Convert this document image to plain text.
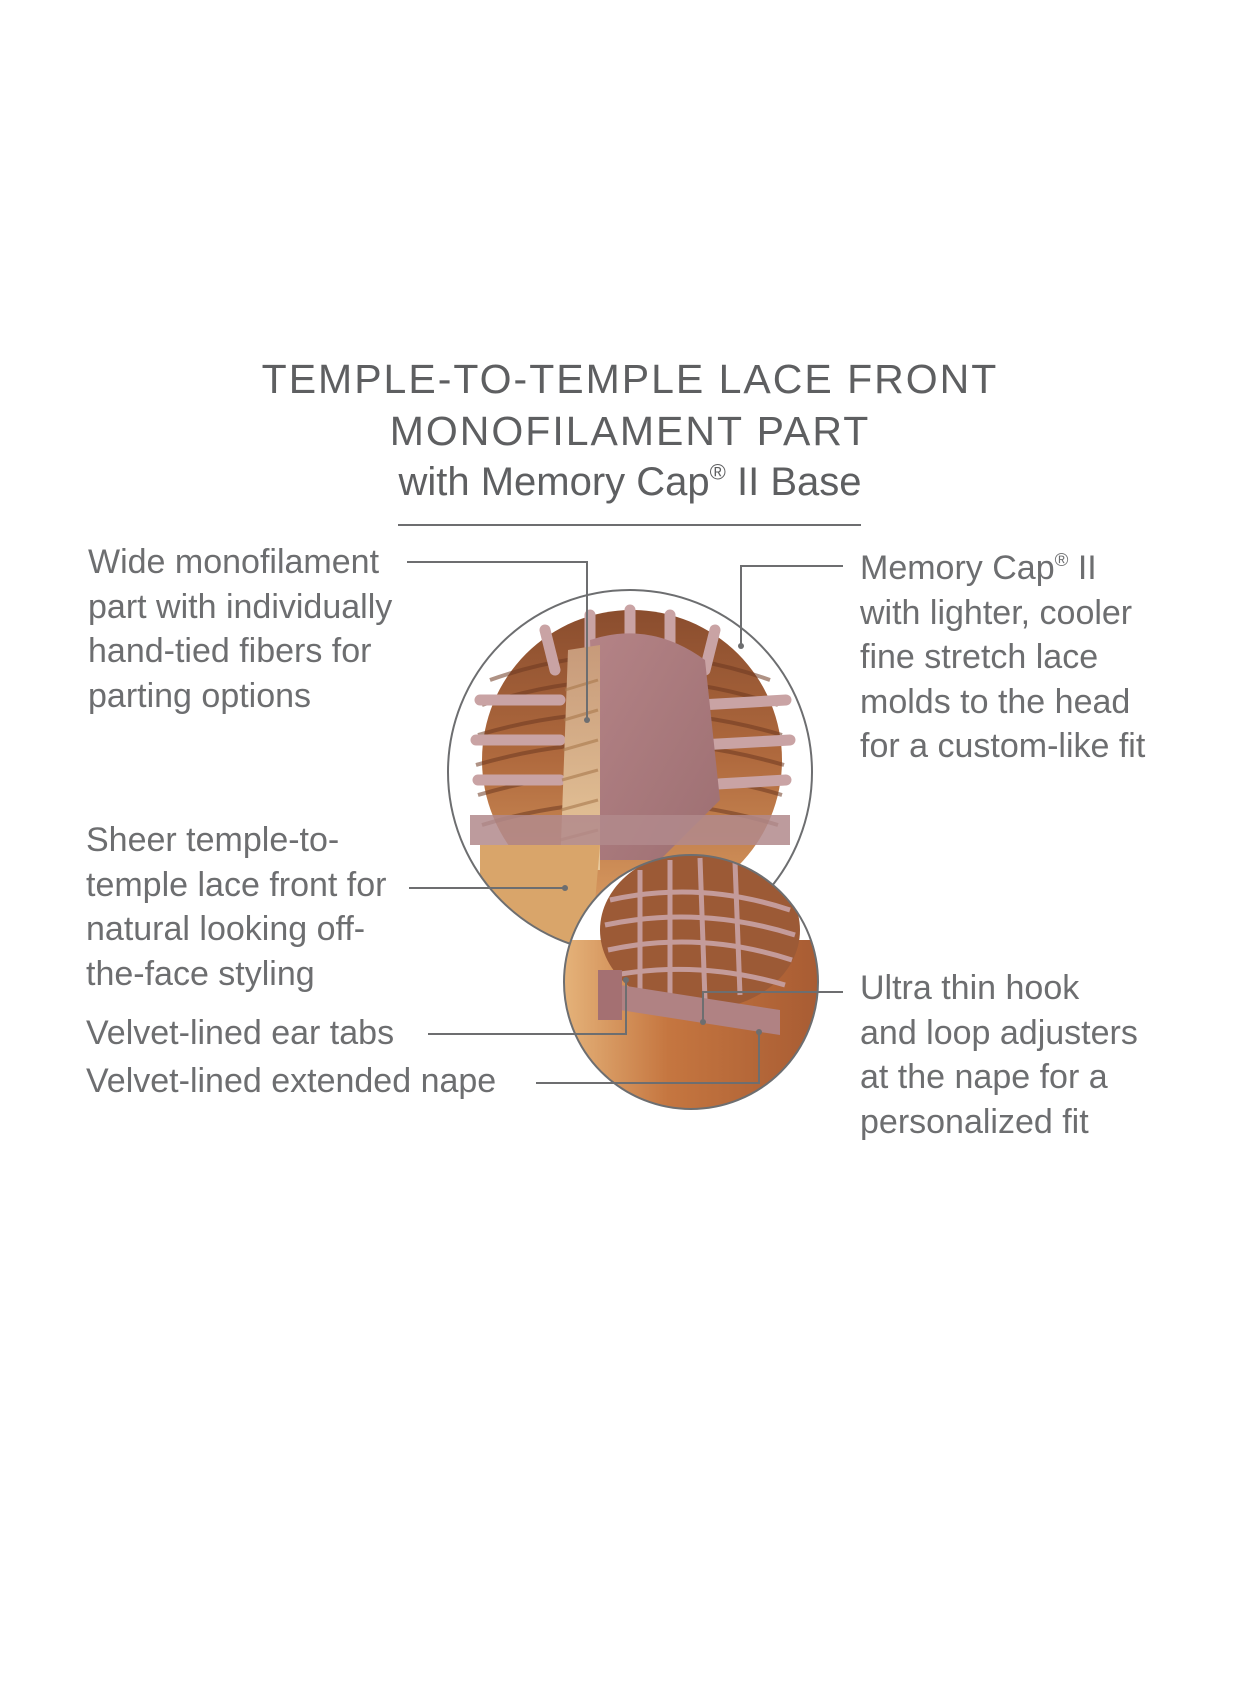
TEMPLE-TO-TEMPLE LACE FRONT
MONOFILAMENT PART
with Memory Cap® II Base
Wide monofilament
part with individually
hand-tied fibers for
parting options
Memory Cap® II
with lighter, cooler
fine stretch lace
molds to the head
for a custom-like fit
Sheer temple-to-
temple lace front for
natural looking off-
the-face styling
Velvet-lined ear tabs
Velvet-lined extended nape
Ultra thin hook
and loop adjusters
at the nape for a
personalized fit
